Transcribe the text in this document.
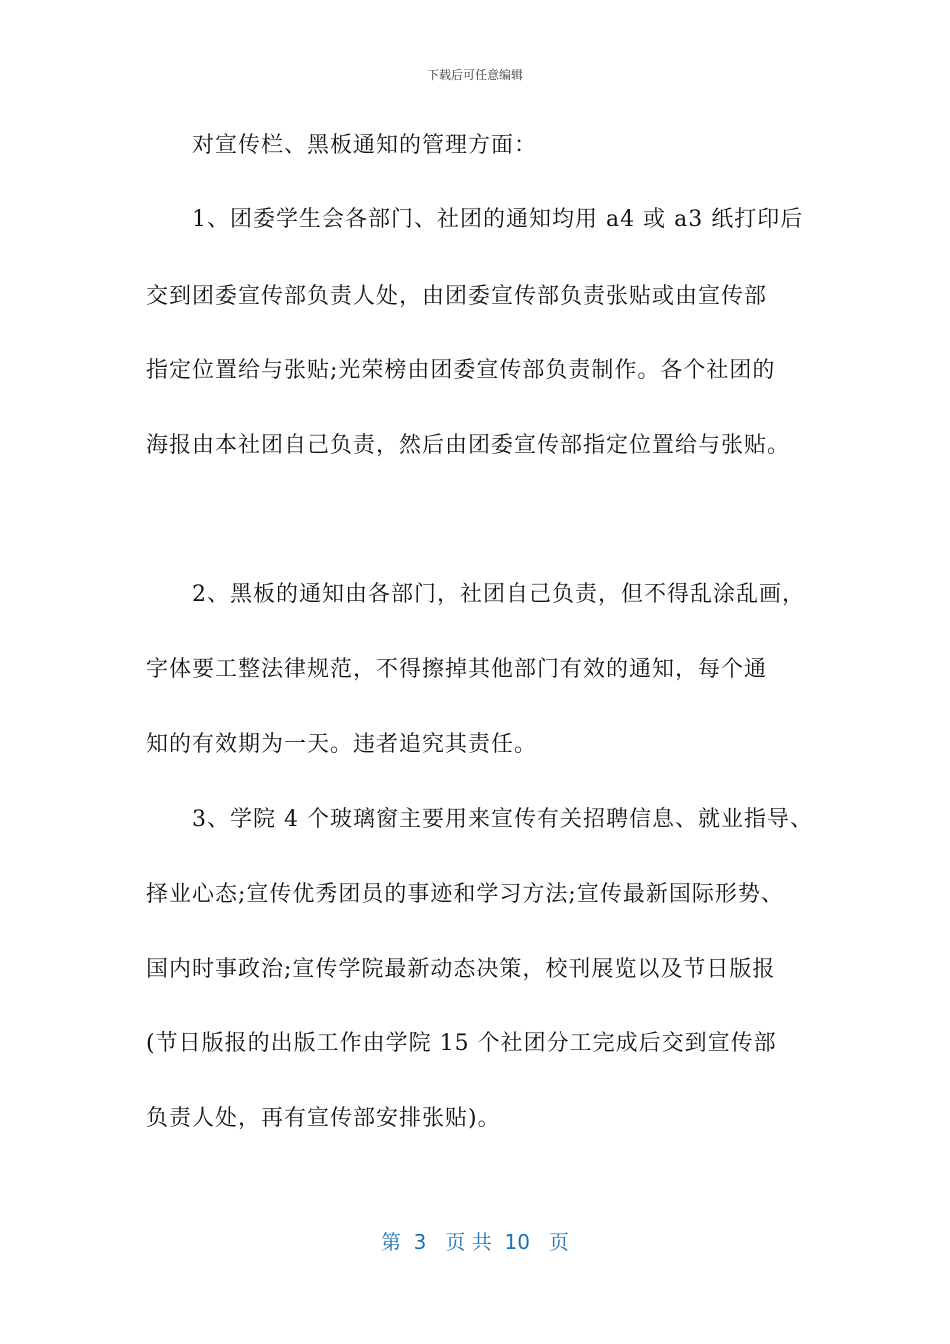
下载后可任意编辑
对宣传栏、黑板通知的管理方面：
1、团委学生会各部门、社团的通知均用 a4 或 a3 纸打印后
交到团委宣传部负责人处，由团委宣传部负责张贴或由宣传部
指定位置给与张贴;光荣榜由团委宣传部负责制作。各个社团的
海报由本社团自己负责，然后由团委宣传部指定位置给与张贴。
2、黑板的通知由各部门，社团自己负责，但不得乱涂乱画，
字体要工整法律规范，不得擦掉其他部门有效的通知，每个通
知的有效期为一天。违者追究其责任。
3、学院 4 个玻璃窗主要用来宣传有关招聘信息、就业指导、
择业心态;宣传优秀团员的事迹和学习方法;宣传最新国际形势、
国内时事政治;宣传学院最新动态决策，校刊展览以及节日版报
(节日版报的出版工作由学院 15 个社团分工完成后交到宣传部
负责人处，再有宣传部安排张贴)。
第  3   页 共  10   页
